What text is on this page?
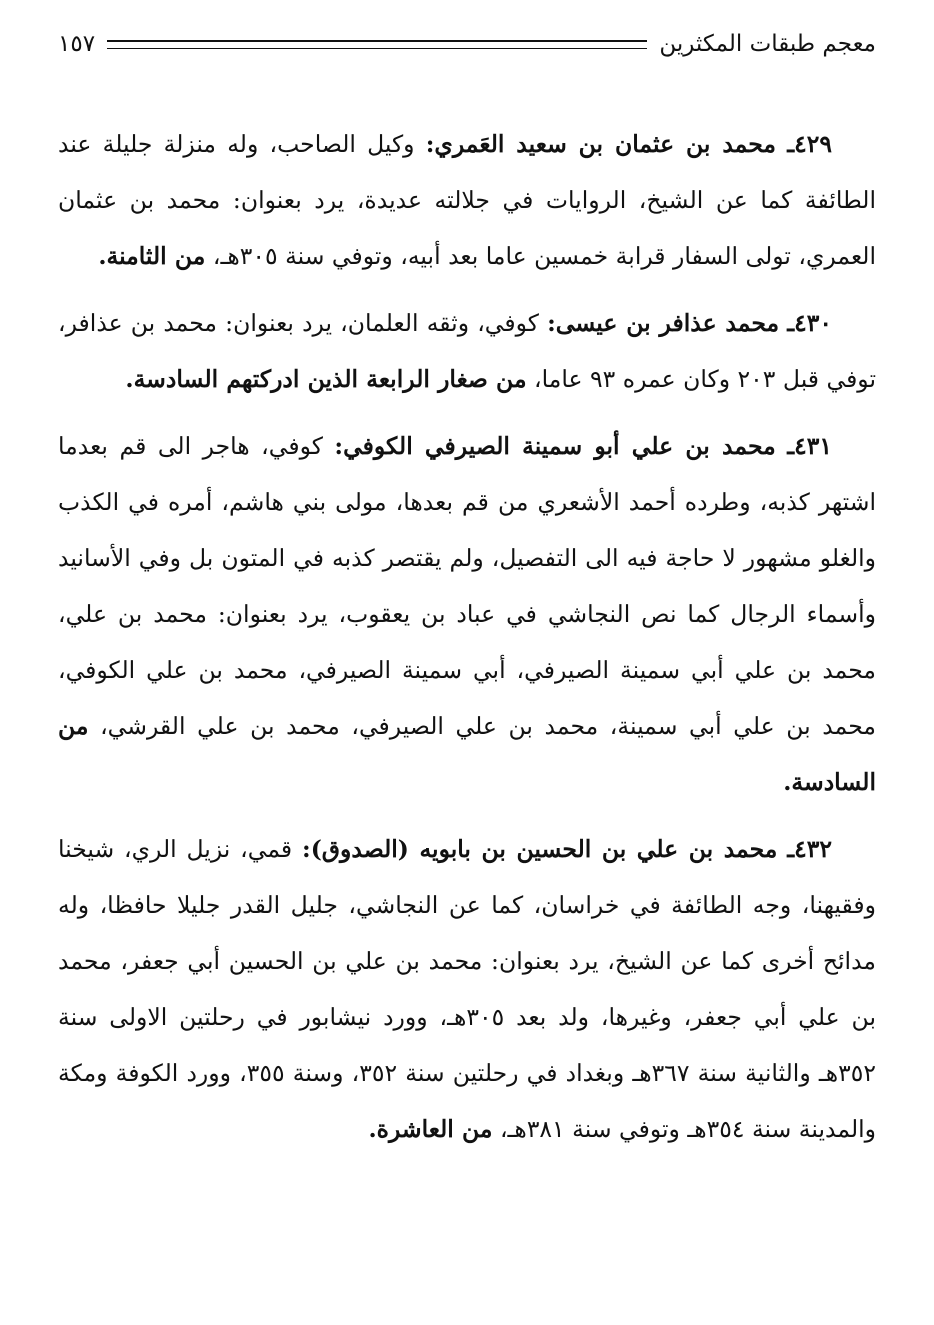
معجم طبقات المكثرين
١٥٧

٤٢٩ـ محمد بن عثمان بن سعيد العَمري: وكيل الصاحب، وله منزلة جليلة عند الطائفة كما عن الشيخ، الروايات في جلالته عديدة، يرد بعنوان: محمد بن عثمان العمري، تولى السفار قرابة خمسين عاما بعد أبيه، وتوفي سنة ٣٠٥هـ، من الثامنة.

٤٣٠ـ محمد عذافر بن عيسى: كوفي، وثقه العلمان، يرد بعنوان: محمد بن عذافر، توفي قبل ٢٠٣ وكان عمره ٩٣ عاما، من صغار الرابعة الذين ادركتهم السادسة.

٤٣١ـ محمد بن علي أبو سمينة الصيرفي الكوفي: كوفي، هاجر الى قم بعدما اشتهر كذبه، وطرده أحمد الأشعري من قم بعدها، مولى بني هاشم، أمره في الكذب والغلو مشهور لا حاجة فيه الى التفصيل، ولم يقتصر كذبه في المتون بل وفي الأسانيد وأسماء الرجال كما نص النجاشي في عباد بن يعقوب، يرد بعنوان: محمد بن علي، محمد بن علي أبي سمينة الصيرفي، أبي سمينة الصيرفي، محمد بن علي الكوفي، محمد بن علي أبي سمينة، محمد بن علي الصيرفي، محمد بن علي القرشي، من السادسة.

٤٣٢ـ محمد بن علي بن الحسين بن بابويه (الصدوق): قمي، نزيل الري، شيخنا وفقيهنا، وجه الطائفة في خراسان، كما عن النجاشي، جليل القدر جليلا حافظا، وله مدائح أخرى كما عن الشيخ، يرد بعنوان: محمد بن علي بن الحسين أبي جعفر، محمد بن علي أبي جعفر، وغيرها، ولد بعد ٣٠٥هـ، وورد نيشابور في رحلتين الاولى سنة ٣٥٢هـ والثانية سنة ٣٦٧هـ وبغداد في رحلتين سنة ٣٥٢، وسنة ٣٥٥، وورد الكوفة ومكة والمدينة سنة ٣٥٤هـ وتوفي سنة ٣٨١هـ، من العاشرة.
